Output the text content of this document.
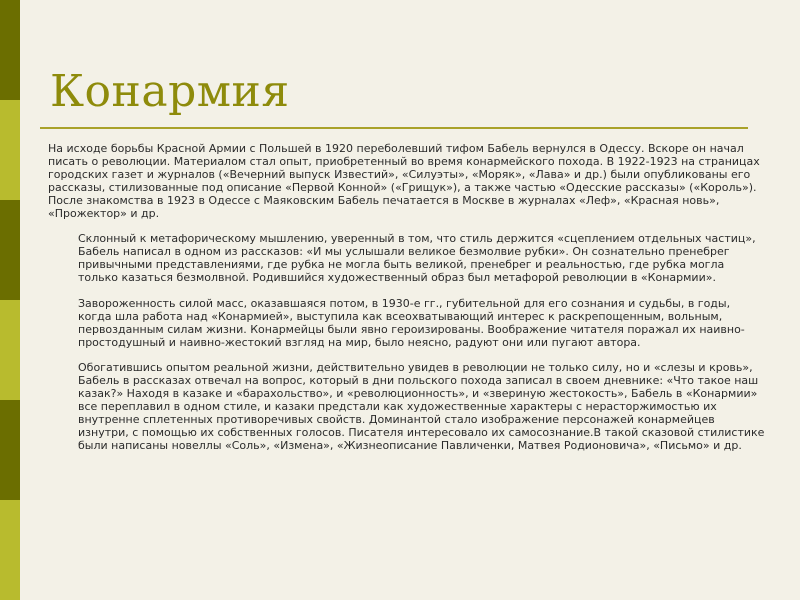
Конармия

На исходе борьбы Красной Армии с Польшей в 1920 переболевший тифом Бабель вернулся в Одессу. Вскоре он начал писать о революции. Материалом стал опыт, приобретенный во время конармейского похода. В 1922-1923 на страницах городских газет и журналов («Вечерний выпуск Известий», «Силуэты», «Моряк», «Лава» и др.) были опубликованы его рассказы, стилизованные под описание «Первой Конной» («Грищук»), а также частью «Одесские рассказы» («Король»). После знакомства в 1923 в Одессе с Маяковским Бабель печатается в Москве в журналах «Леф», «Красная новь», «Прожектор» и др.

Склонный к метафорическому мышлению, уверенный в том, что стиль держится «сцеплением отдельных частиц», Бабель написал в одном из рассказов: «И мы услышали великое безмолвие рубки». Он сознательно пренебрег привычными представлениями, где рубка не могла быть великой, пренебрег и реальностью, где рубка могла только казаться безмолвной. Родившийся художественный образ был метафорой революции в «Конармии».

Завороженность силой масс, оказавшаяся потом, в 1930-е гг., губительной для его сознания и судьбы, в годы, когда шла работа над «Конармией», выступила как всеохватывающий интерес к раскрепощенным, вольным, первозданным силам жизни. Конармейцы были явно героизированы. Воображение читателя поражал их наивно-простодушный и наивно-жестокий взгляд на мир, было неясно, радуют они или пугают автора.

Обогатившись опытом реальной жизни, действительно увидев в революции не только силу, но и «слезы и кровь», Бабель в рассказах отвечал на вопрос, который в дни польского похода записал в своем дневнике: «Что такое наш казак?» Находя в казаке и «барахольство», и «революционность», и «звериную жестокость», Бабель в «Конармии» все переплавил в одном стиле, и казаки предстали как художественные характеры с нерасторжимостью их внутренне сплетенных противоречивых свойств. Доминантой стало изображение персонажей конармейцев изнутри, с помощью их собственных голосов. Писателя интересовало их самосознание.В такой сказовой стилистике были написаны новеллы «Соль», «Измена», «Жизнеописание Павличенки, Матвея Родионовича», «Письмо» и др.
